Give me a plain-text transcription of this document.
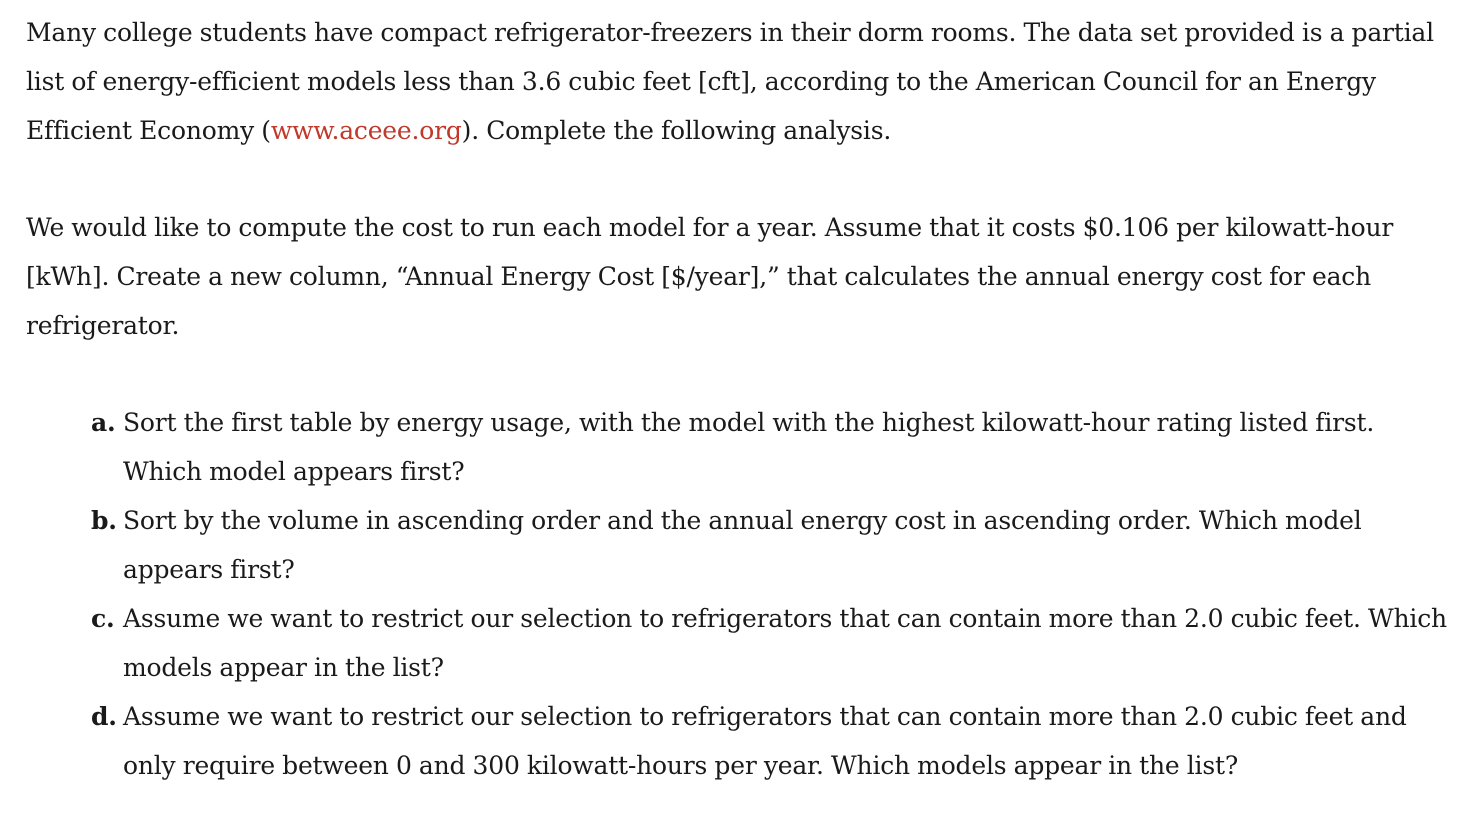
Many college students have compact refrigerator-freezers in their dorm rooms. The data set provided is a partial list of energy-efficient models less than 3.6 cubic feet [cft], according to the American Council for an Energy Efficient Economy (www.aceee.org). Complete the following analysis.

We would like to compute the cost to run each model for a year. Assume that it costs $0.106 per kilowatt-hour [kWh]. Create a new column, “Annual Energy Cost [$/year],” that calculates the annual energy cost for each refrigerator.

a. Sort the first table by energy usage, with the model with the highest kilowatt-hour rating listed first. Which model appears first?
b. Sort by the volume in ascending order and the annual energy cost in ascending order. Which model appears first?
c. Assume we want to restrict our selection to refrigerators that can contain more than 2.0 cubic feet. Which models appear in the list?
d. Assume we want to restrict our selection to refrigerators that can contain more than 2.0 cubic feet and only require between 0 and 300 kilowatt-hours per year. Which models appear in the list?
